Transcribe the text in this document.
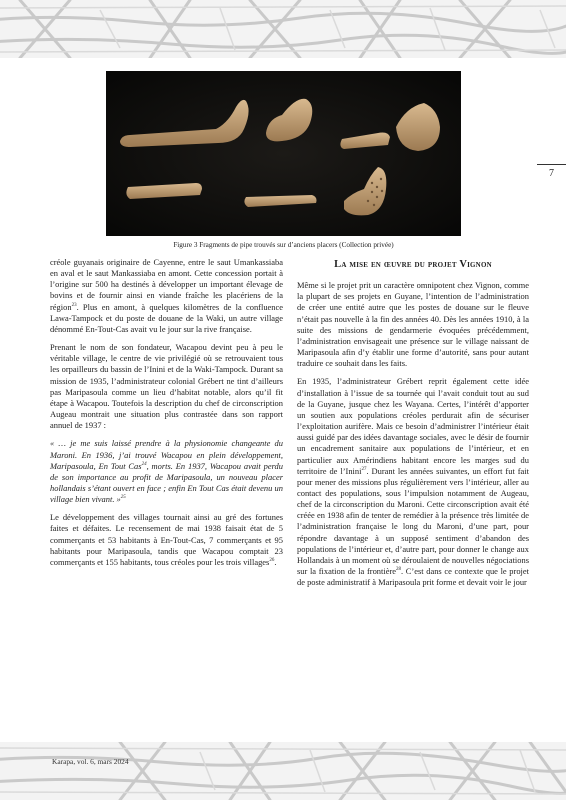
Figure 3 Fragments de pipe trouvés sur d’anciens placers (Collection privée)
7

créole guyanais originaire de Cayenne, entre le saut Umankassiaba en aval et le saut Mankassiaba en amont. Cette concession portait à l’origine sur 500 ha destinés à développer un important élevage de bovins et de fournir ainsi en viande fraîche les placériens de la région$^{23}$. Plus en amont, à quelques kilomètres de la confluence Lawa-Tampock et du poste de douane de la Waki, un autre village dénommé En-Tout-Cas avait vu le jour sur la rive française.

Prenant le nom de son fondateur, Wacapou devint peu à peu le véritable village, le centre de vie privilégié où se retrouvaient tous les orpailleurs du bassin de l’Inini et de la Waki-Tampock. Durant sa mission de 1935, l’administrateur colonial Grébert ne tint d’ailleurs pas Maripasoula comme un lieu d’habitat notable, alors qu’il fit étape à Wacapou. Toutefois la description du chef de circonscription Augeau montrait une situation plus contrastée dans son rapport annuel de 1937 :

« … je me suis laissé prendre à la physionomie changeante du Maroni. En 1936, j’ai trouvé Wacapou en plein développement, Maripasoula, En Tout Cas$^{24}$, morts. En 1937, Wacapou avait perdu de son importance au profit de Maripasoula, un nouveau placer hollandais s’étant ouvert en face ; enfin En Tout Cas était devenu un village bien vivant. »$^{25}$

Le développement des villages tournait ainsi au gré des fortunes faites et défaites. Le recensement de mai 1938 faisait état de 5 commerçants et 53 habitants à En-Tout-Cas, 7 commerçants et 95 habitants pour Maripasoula, tandis que Wacapou comptait 23 commerçants et 155 habitants, tous créoles pour les trois villages$^{26}$.

La mise en œuvre du projet Vignon

Même si le projet prit un caractère omnipotent chez Vignon, comme la plupart de ses projets en Guyane, l’intention de l’administration de créer une entité autre que les postes de douane sur le fleuve n’était pas nouvelle à la fin des années 40. Dès les années 1910, à la suite des missions de gendarmerie évoquées précédemment, l’administration envisageait une présence sur le village naissant de Maripasoula afin d’y établir une forme d’autorité, sans pour autant traduire ce souhait dans les faits.

En 1935, l’administrateur Grébert reprit également cette idée d’installation à l’issue de sa tournée qui l’avait conduit tout au sud de la Guyane, jusque chez les Wayana. Certes, l’intérêt d’apporter un soutien aux populations créoles perdurait afin de sécuriser l’exploitation aurifère. Mais ce besoin d’administrer l’intérieur était aussi guidé par des idées davantage sociales, avec le désir de fournir un encadrement sanitaire aux populations de l’intérieur, et en particulier aux Amérindiens habitant encore les marges sud du territoire de l’Inini$^{27}$. Durant les années suivantes, un effort fut fait pour mener des missions plus régulièrement vers l’intérieur, aller au contact des populations, sous l’impulsion notamment de Augeau, chef de la circonscription du Maroni. Cette circonscription avait été créée en 1938 afin de tenter de remédier à la présence très limitée de l’administration française le long du Maroni, d’une part, pour répondre davantage à un supposé sentiment d’abandon des populations de l’intérieur et, d’autre part, pour donner le change aux Hollandais à un moment où se déroulaient de nouvelles négociations sur la fixation de la frontière$^{28}$. C’est dans ce contexte que le projet de poste administratif à Maripasoula prit forme et devait voir le jour

Karapa, vol. 6, mars 2024
